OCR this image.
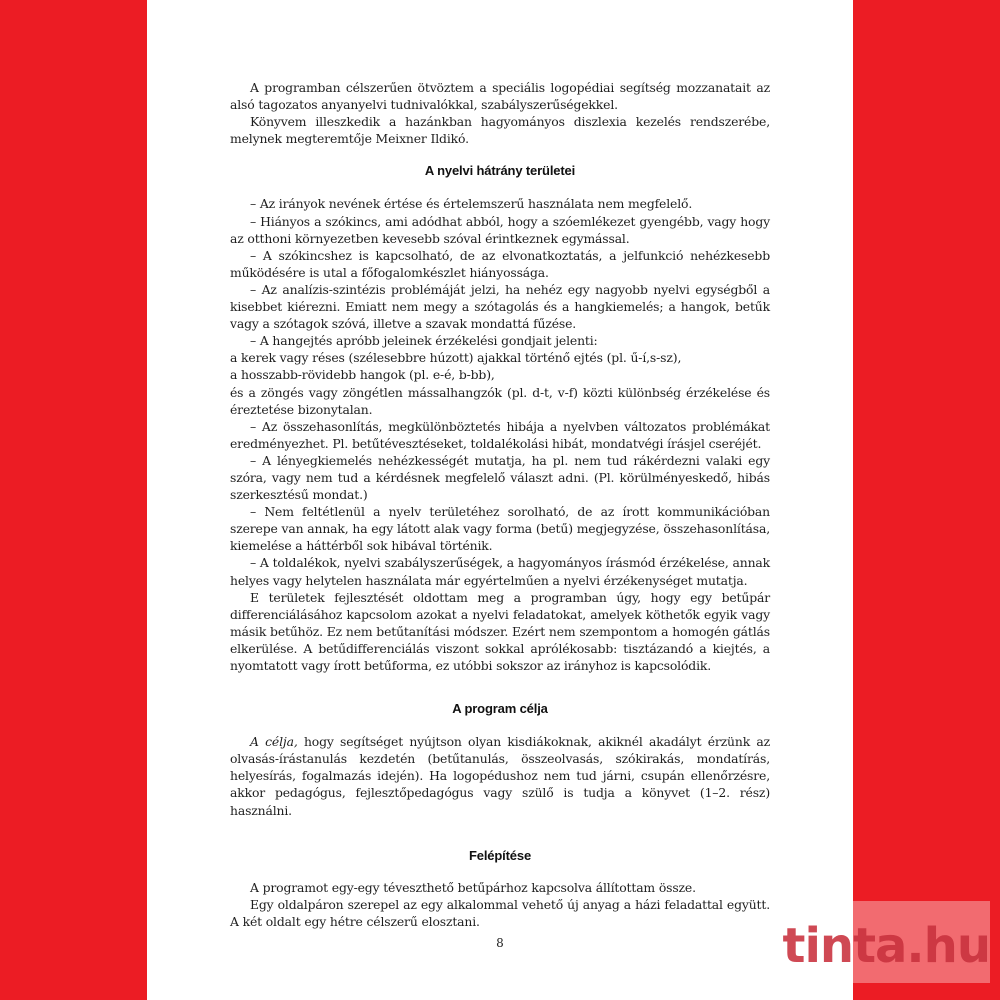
A programban célszerűen ötvöztem a speciális logopédiai segítség mozzanatait az alsó tagozatos anyanyelvi tudnivalókkal, szabályszerűségekkel.

Könyvem illeszkedik a hazánkban hagyományos diszlexia kezelés rendszerébe, melynek megteremtője Meixner Ildikó.

A nyelvi hátrány területei

– Az irányok nevének értése és értelemszerű használata nem megfelelő.

– Hiányos a szókincs, ami adódhat abból, hogy a szóemlékezet gyengébb, vagy hogy az otthoni környezetben kevesebb szóval érintkeznek egymással.

– A szókincshez is kapcsolható, de az elvonatkoztatás, a jelfunkció nehézkesebb működésére is utal a főfogalomkészlet hiányossága.

– Az analízis-szintézis problémáját jelzi, ha nehéz egy nagyobb nyelvi egységből a kisebbet kiérezni. Emiatt nem megy a szótagolás és a hangkiemelés; a hangok, betűk vagy a szótagok szóvá, illetve a szavak mondattá fűzése.

– A hangejtés apróbb jeleinek érzékelési gondjait jelenti:

a kerek vagy réses (szélesebbre húzott) ajakkal történő ejtés (pl. ű-í,s-sz),

a hosszabb-rövidebb hangok (pl. e-é, b-bb),

és a zöngés vagy zöngétlen mássalhangzók (pl. d-t, v-f) közti különbség érzékelése és éreztetése bizonytalan.

– Az összehasonlítás, megkülönböztetés hibája a nyelvben változatos problémákat eredményezhet. Pl. betűtévesztéseket, toldalékolási hibát, mondatvégi írásjel cseréjét.

– A lényegkiemelés nehézkességét mutatja, ha pl. nem tud rákérdezni valaki egy szóra, vagy nem tud a kérdésnek megfelelő választ adni. (Pl. körülményeskedő, hibás szerkesztésű mondat.)

– Nem feltétlenül a nyelv területéhez sorolható, de az írott kommunikációban szerepe van annak, ha egy látott alak vagy forma (betű) megjegyzése, összehasonlítása, kiemelése a háttérből sok hibával történik.

– A toldalékok, nyelvi szabályszerűségek, a hagyományos írásmód érzékelése, annak helyes vagy helytelen használata már egyértelműen a nyelvi érzékenységet mutatja.

E területek fejlesztését oldottam meg a programban úgy, hogy egy betűpár differenciálásához kapcsolom azokat a nyelvi feladatokat, amelyek köthetők egyik vagy másik betűhöz. Ez nem betűtanítási módszer. Ezért nem szempontom a homogén gátlás elkerülése. A betűdifferenciálás viszont sokkal aprólékosabb: tisztázandó a kiejtés, a nyomtatott vagy írott betűforma, ez utóbbi sokszor az irányhoz is kapcsolódik.

A program célja

A célja, hogy segítséget nyújtson olyan kisdiákoknak, akiknél akadályt érzünk az olvasás-írástanulás kezdetén (betűtanulás, összeolvasás, szókirakás, mondatírás, helyesírás, fogalmazás idején). Ha logopédushoz nem tud járni, csupán ellenőrzésre, akkor pedagógus, fejlesztőpedagógus vagy szülő is tudja a könyvet (1–2. rész) használni.

Felépítése

A programot egy-egy téveszthető betűpárhoz kapcsolva állítottam össze.

Egy oldalpáron szerepel az egy alkalommal vehető új anyag a házi feladattal együtt. A két oldalt egy hétre célszerű elosztani.

8	tinta.hu
